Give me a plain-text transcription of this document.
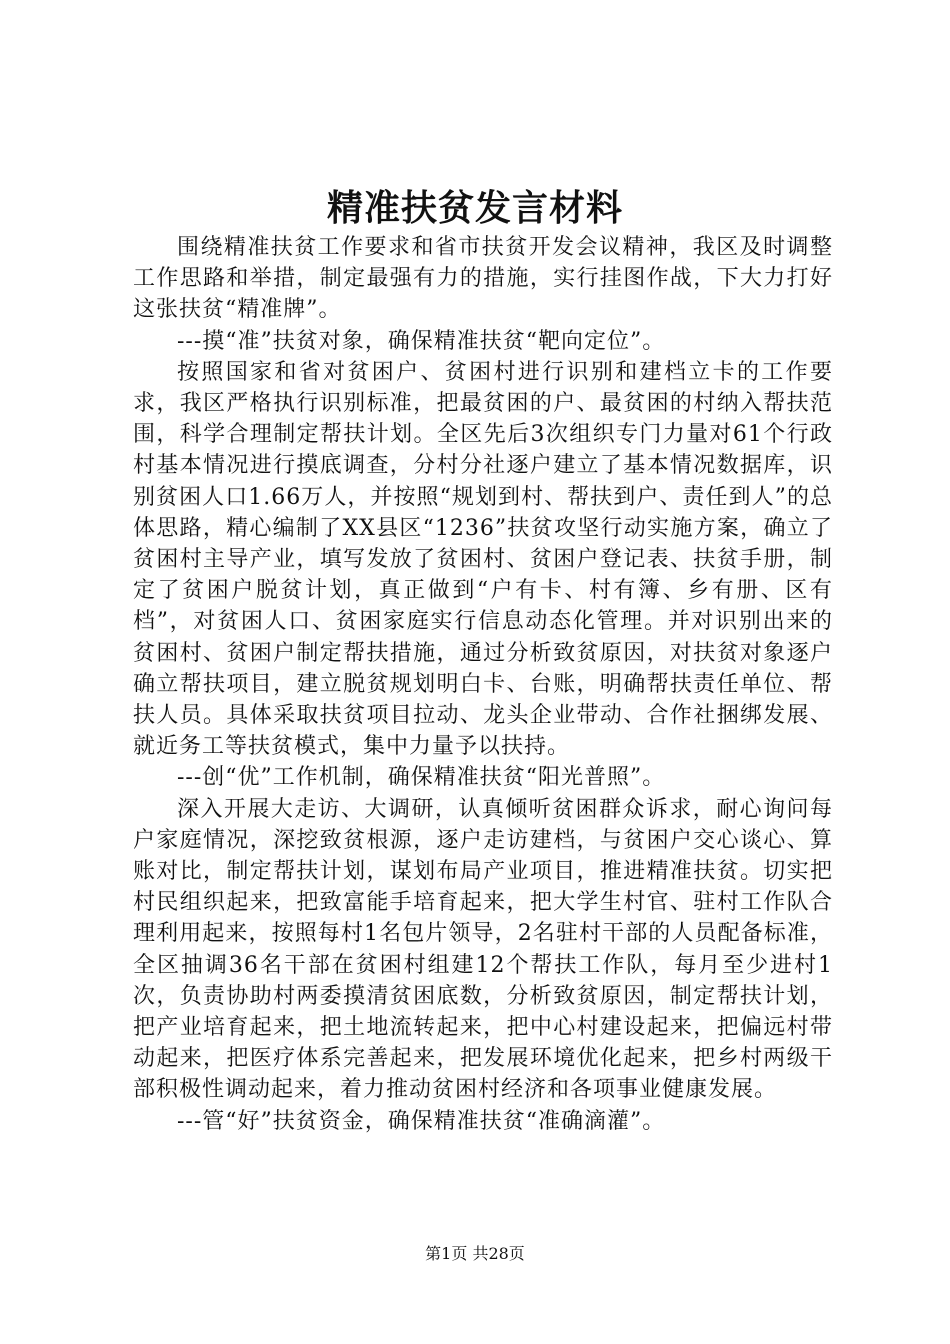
精准扶贫发言材料

围绕精准扶贫工作要求和省市扶贫开发会议精神，我区及时调整工作思路和举措，制定最强有力的措施，实行挂图作战，下大力打好这张扶贫“精准牌”。

---摸“准”扶贫对象，确保精准扶贫“靶向定位”。

按照国家和省对贫困户、贫困村进行识别和建档立卡的工作要求，我区严格执行识别标准，把最贫困的户、最贫困的村纳入帮扶范围，科学合理制定帮扶计划。全区先后3次组织专门力量对61个行政村基本情况进行摸底调查，分村分社逐户建立了基本情况数据库，识别贫困人口1.66万人，并按照“规划到村、帮扶到户、责任到人”的总体思路，精心编制了XX县区“1236”扶贫攻坚行动实施方案，确立了贫困村主导产业，填写发放了贫困村、贫困户登记表、扶贫手册，制定了贫困户脱贫计划，真正做到“户有卡、村有簿、乡有册、区有档”，对贫困人口、贫困家庭实行信息动态化管理。并对识别出来的贫困村、贫困户制定帮扶措施，通过分析致贫原因，对扶贫对象逐户确立帮扶项目，建立脱贫规划明白卡、台账，明确帮扶责任单位、帮扶人员。具体采取扶贫项目拉动、龙头企业带动、合作社捆绑发展、就近务工等扶贫模式，集中力量予以扶持。

---创“优”工作机制，确保精准扶贫“阳光普照”。

深入开展大走访、大调研，认真倾听贫困群众诉求，耐心询问每户家庭情况，深挖致贫根源，逐户走访建档，与贫困户交心谈心、算账对比，制定帮扶计划，谋划布局产业项目，推进精准扶贫。切实把村民组织起来，把致富能手培育起来，把大学生村官、驻村工作队合理利用起来，按照每村1名包片领导，2名驻村干部的人员配备标准，全区抽调36名干部在贫困村组建12个帮扶工作队，每月至少进村1次，负责协助村两委摸清贫困底数，分析致贫原因，制定帮扶计划，把产业培育起来，把土地流转起来，把中心村建设起来，把偏远村带动起来，把医疗体系完善起来，把发展环境优化起来，把乡村两级干部积极性调动起来，着力推动贫困村经济和各项事业健康发展。

---管“好”扶贫资金，确保精准扶贫“准确滴灌”。

第1页 共28页
